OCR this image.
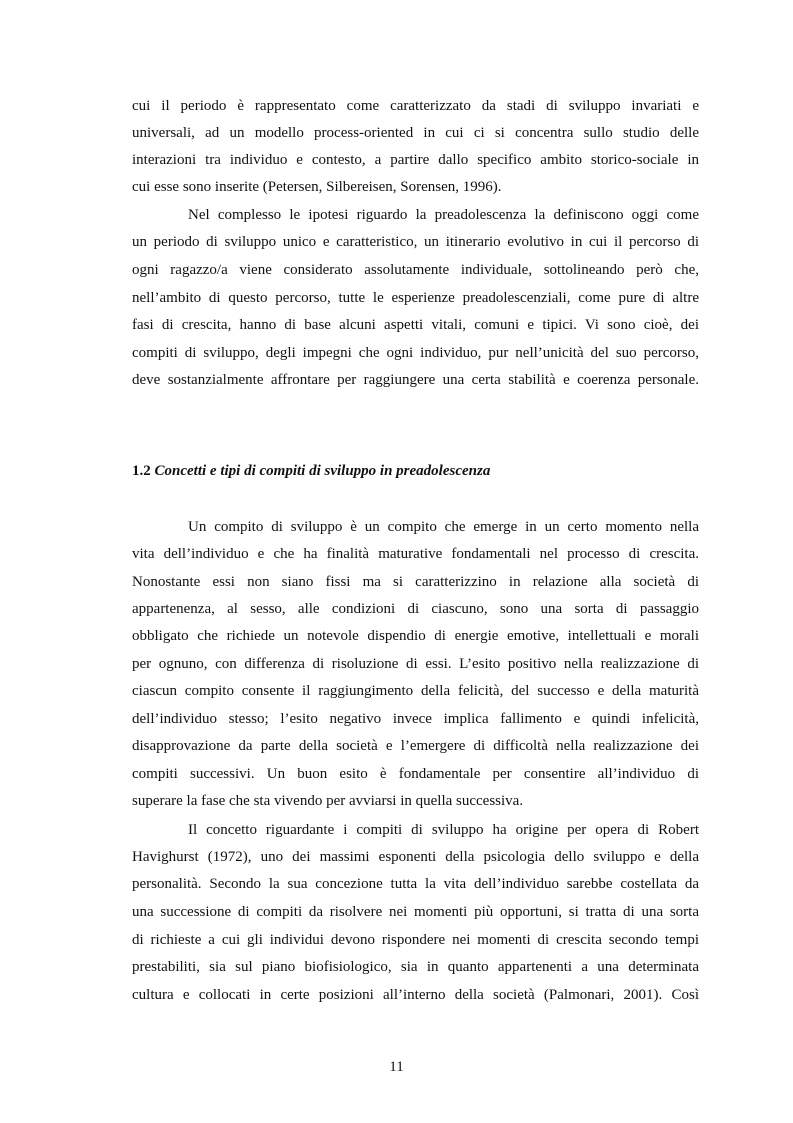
cui il periodo è rappresentato come caratterizzato da stadi di sviluppo invariati e
universali, ad un modello process-oriented in cui ci si concentra sullo studio delle
interazioni tra individuo e contesto, a partire dallo specifico ambito storico-sociale in
cui esse sono inserite (Petersen, Silbereisen, Sorensen, 1996).
Nel complesso le ipotesi riguardo la preadolescenza la definiscono oggi come
un periodo di sviluppo unico e caratteristico, un itinerario evolutivo in cui il percorso di
ogni ragazzo/a viene considerato assolutamente individuale, sottolineando però che,
nell’ambito di questo percorso, tutte le esperienze preadolescenziali, come pure di altre
fasi di crescita, hanno di base alcuni aspetti vitali, comuni e tipici. Vi sono cioè, dei
compiti di sviluppo, degli impegni che ogni individuo, pur nell’unicità del suo percorso,
deve sostanzialmente affrontare per raggiungere una certa stabilità e coerenza personale.
1.2 Concetti e tipi di compiti di sviluppo in preadolescenza
Un compito di sviluppo è un compito che emerge in un certo momento nella
vita dell’individuo e che ha finalità maturative fondamentali nel processo di crescita.
Nonostante essi non siano fissi ma si caratterizzino in relazione alla società di
appartenenza, al sesso, alle condizioni di ciascuno, sono una sorta di passaggio
obbligato che richiede un notevole dispendio di energie emotive, intellettuali e morali
per ognuno, con differenza di risoluzione di essi. L’esito positivo nella realizzazione di
ciascun compito consente il raggiungimento della felicità, del successo e della maturità
dell’individuo stesso; l’esito negativo invece implica fallimento e quindi infelicità,
disapprovazione da parte della società e l’emergere di difficoltà nella realizzazione dei
compiti successivi. Un buon esito è fondamentale per consentire all’individuo di
superare la fase che sta vivendo per avviarsi in quella successiva.
Il concetto riguardante i compiti di sviluppo ha origine per opera di Robert
Havighurst (1972), uno dei massimi esponenti della psicologia dello sviluppo e della
personalità. Secondo la sua concezione tutta la vita dell’individuo sarebbe costellata da
una successione di compiti da risolvere nei momenti più opportuni, si tratta di una sorta
di richieste a cui gli individui devono rispondere nei momenti di crescita secondo tempi
prestabiliti, sia sul piano biofisiologico, sia in quanto appartenenti a una determinata
cultura e collocati in certe posizioni all’interno della società (Palmonari, 2001). Così
11
